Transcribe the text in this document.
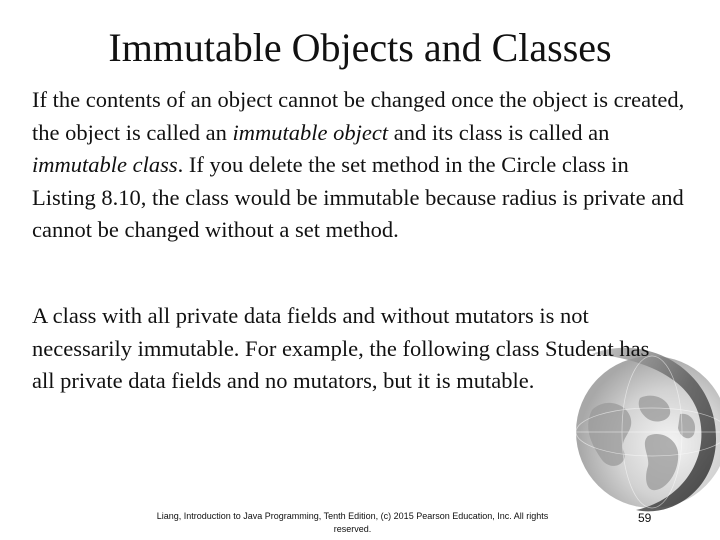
Immutable Objects and Classes

If the contents of an object cannot be changed once the object is created, the object is called an immutable object and its class is called an immutable class. If you delete the set method in the Circle class in Listing 8.10, the class would be immutable because radius is private and cannot be changed without a set method.

A class with all private data fields and without mutators is not necessarily immutable. For example, the following class Student has all private data fields and no mutators, but it is mutable.

Liang, Introduction to Java Programming, Tenth Edition, (c) 2015 Pearson Education, Inc. All rights reserved.
59
